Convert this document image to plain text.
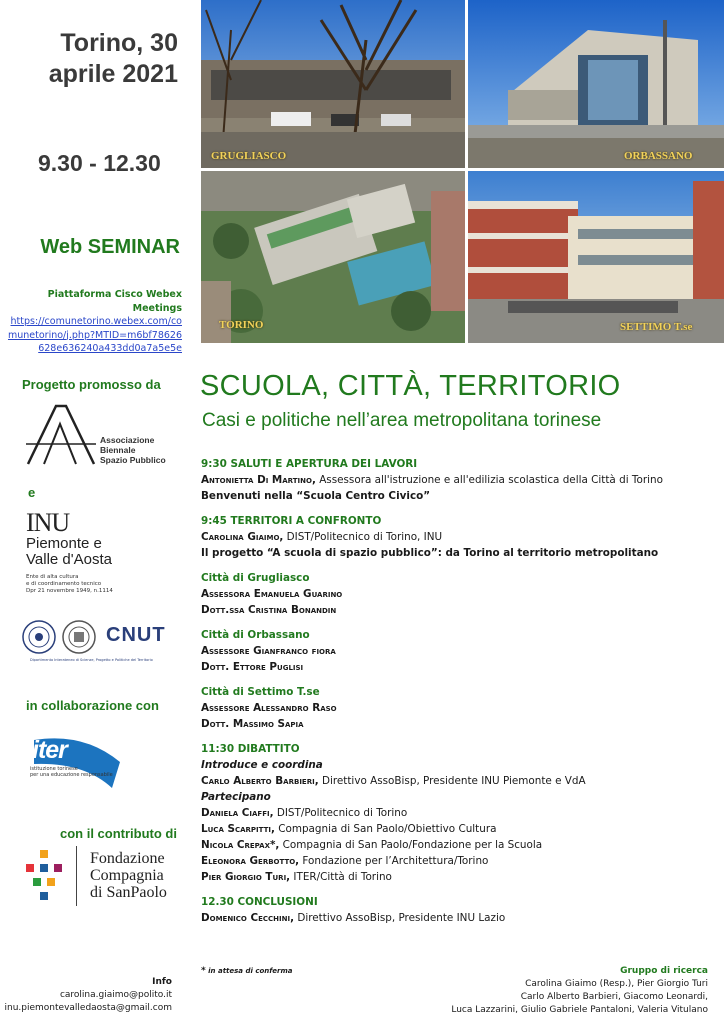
Torino, 30 aprile 2021
9.30 - 12.30
Web SEMINAR
Piattaforma Cisco Webex Meetings
https://comunetorino.webex.com/comunetorino/j.php?MTID=m6bf78626628e636240a433dd0a7a5e5e
GRUGLIASCO	ORBASSANO
TORINO	SETTIMO T.se
Progetto promosso da
Associazione
Biennale
Spazio Pubblico
e
INU
Piemonte e
Valle d'Aosta
Ente di alta cultura
e di coordinamento tecnico
Dpr 21 novembre 1949, n.1114
CNUT
Dipartimento Interateneo di Scienze, Progetto e Politiche del Territorio
in collaborazione con
iter
istituzione torinese
per una educazione responsabile
con il contributo di
Fondazione
Compagnia
di SanPaolo
SCUOLA, CITTÀ, TERRITORIO
Casi e politiche nell’area metropolitana torinese
9:30 SALUTI E APERTURA DEI LAVORI
Antonietta Di Martino, Assessora all'istruzione e all'edilizia scolastica della Città di Torino
Benvenuti nella “Scuola Centro Civico”
9:45 TERRITORI A CONFRONTO
Carolina Giaimo, DIST/Politecnico di Torino, INU
Il progetto “A scuola di spazio pubblico”: da Torino al territorio metropolitano
Città di Grugliasco
Assessora Emanuela Guarino
Dott.ssa Cristina Bonandin
Città di Orbassano
Assessore Gianfranco fiora
Dott. Ettore Puglisi
Città di Settimo T.se
Assessore Alessandro Raso
Dott. Massimo Sapia
11:30 DIBATTITO
Introduce e coordina
Carlo Alberto Barbieri, Direttivo AssoBisp, Presidente INU Piemonte e VdA
Partecipano
Daniela Ciaffi, DIST/Politecnico di Torino
Luca Scarpitti, Compagnia di San Paolo/Obiettivo Cultura
Nicola Crepax*, Compagnia di San Paolo/Fondazione per la Scuola
Eleonora Gerbotto, Fondazione per l’Architettura/Torino
Pier Giorgio Turi, ITER/Città di Torino
12.30 CONCLUSIONI
Domenico Cecchini, Direttivo AssoBisp, Presidente INU Lazio
* in attesa di conferma
Info
carolina.giaimo@polito.it
inu.piemontevalledaosta@gmail.com
Gruppo di ricerca
Carolina Giaimo (Resp.), Pier Giorgio Turi
Carlo Alberto Barbieri, Giacomo Leonardi,
Luca Lazzarini, Giulio Gabriele Pantaloni, Valeria Vitulano
